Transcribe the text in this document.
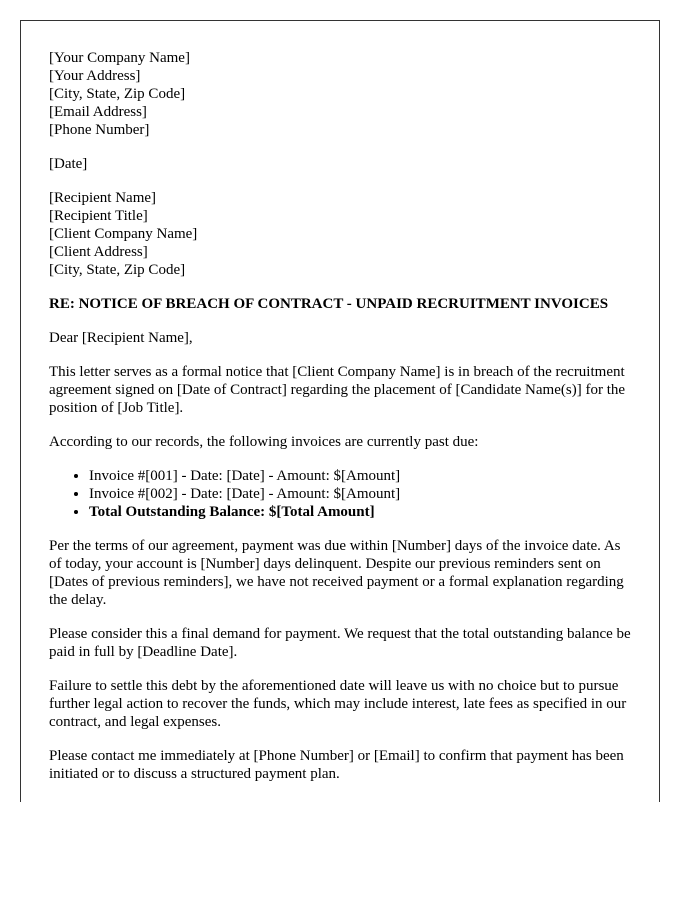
[Your Company Name]
[Your Address]
[City, State, Zip Code]
[Email Address]
[Phone Number]

[Date]

[Recipient Name]
[Recipient Title]
[Client Company Name]
[Client Address]
[City, State, Zip Code]

RE: NOTICE OF BREACH OF CONTRACT - UNPAID RECRUITMENT INVOICES

Dear [Recipient Name],

This letter serves as a formal notice that [Client Company Name] is in breach of the recruitment agreement signed on [Date of Contract] regarding the placement of [Candidate Name(s)] for the position of [Job Title].

According to our records, the following invoices are currently past due:

• Invoice #[001] - Date: [Date] - Amount: $[Amount]
• Invoice #[002] - Date: [Date] - Amount: $[Amount]
• Total Outstanding Balance: $[Total Amount]

Per the terms of our agreement, payment was due within [Number] days of the invoice date. As of today, your account is [Number] days delinquent. Despite our previous reminders sent on [Dates of previous reminders], we have not received payment or a formal explanation regarding the delay.

Please consider this a final demand for payment. We request that the total outstanding balance be paid in full by [Deadline Date].

Failure to settle this debt by the aforementioned date will leave us with no choice but to pursue further legal action to recover the funds, which may include interest, late fees as specified in our contract, and legal expenses.

Please contact me immediately at [Phone Number] or [Email] to confirm that payment has been initiated or to discuss a structured payment plan.
